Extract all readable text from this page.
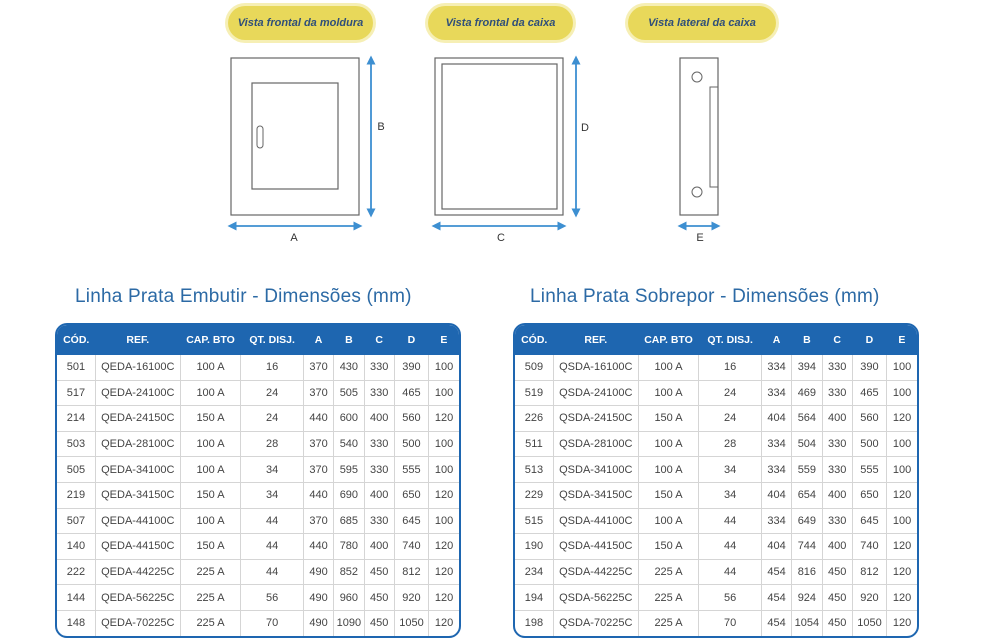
Vista frontal da moldura	Vista frontal da caixa	Vista lateral da caixa
A
B
C
D
E
Linha Prata Embutir - Dimensões (mm)	Linha Prata Sobrepor - Dimensões (mm)
CÓD.	REF.	CAP. BTO	QT. DISJ.	A	B	C	D	E
501	QEDA-16100C	100 A	16	370	430	330	390	100
517	QEDA-24100C	100 A	24	370	505	330	465	100
214	QEDA-24150C	150 A	24	440	600	400	560	120
503	QEDA-28100C	100 A	28	370	540	330	500	100
505	QEDA-34100C	100 A	34	370	595	330	555	100
219	QEDA-34150C	150 A	34	440	690	400	650	120
507	QEDA-44100C	100 A	44	370	685	330	645	100
140	QEDA-44150C	150 A	44	440	780	400	740	120
222	QEDA-44225C	225 A	44	490	852	450	812	120
144	QEDA-56225C	225 A	56	490	960	450	920	120
148	QEDA-70225C	225 A	70	490	1090	450	1050	120
CÓD.	REF.	CAP. BTO	QT. DISJ.	A	B	C	D	E
509	QSDA-16100C	100 A	16	334	394	330	390	100
519	QSDA-24100C	100 A	24	334	469	330	465	100
226	QSDA-24150C	150 A	24	404	564	400	560	120
511	QSDA-28100C	100 A	28	334	504	330	500	100
513	QSDA-34100C	100 A	34	334	559	330	555	100
229	QSDA-34150C	150 A	34	404	654	400	650	120
515	QSDA-44100C	100 A	44	334	649	330	645	100
190	QSDA-44150C	150 A	44	404	744	400	740	120
234	QSDA-44225C	225 A	44	454	816	450	812	120
194	QSDA-56225C	225 A	56	454	924	450	920	120
198	QSDA-70225C	225 A	70	454	1054	450	1050	120
